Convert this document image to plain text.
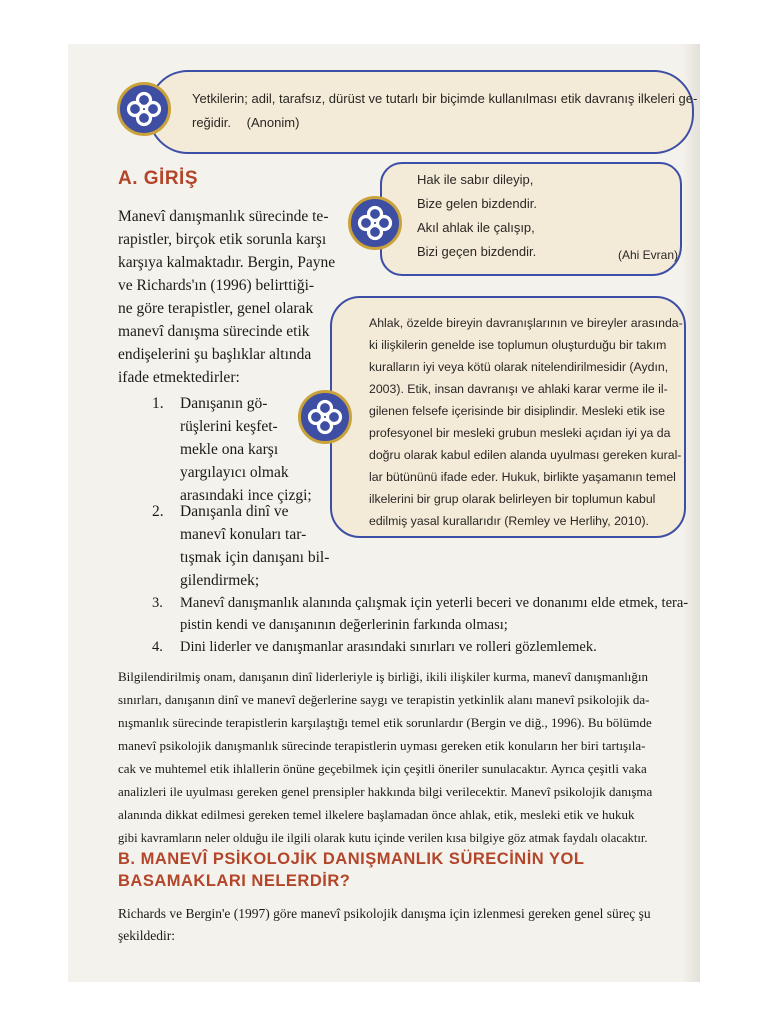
Yetkilerin; adil, tarafsız, dürüst ve tutarlı bir biçimde kullanılması etik davranış ilkeleri ge-
reğidir. (Anonim)
A. GİRİŞ	Hak ile sabır dileyip,
Bize gelen bizdendir.
Akıl ahlak ile çalışıp,
Bizi geçen bizdendir.	(Ahi Evran)
Manevî danışmanlık sürecinde te-
rapistler, birçok etik sorunla karşı
karşıya kalmaktadır. Bergin, Payne
ve Richards'ın (1996) belirttiği-
ne göre terapistler, genel olarak
manevî danışma sürecinde etik
endişelerini şu başlıklar altında
ifade etmektedirler:
Ahlak, özelde bireyin davranışlarının ve bireyler arasında-
ki ilişkilerin genelde ise toplumun oluşturduğu bir takım
kuralların iyi veya kötü olarak nitelendirilmesidir (Aydın,
2003). Etik, insan davranışı ve ahlaki karar verme ile il-
gilenen felsefe içerisinde bir disiplindir. Mesleki etik ise
profesyonel bir mesleki grubun mesleki açıdan iyi ya da
doğru olarak kabul edilen alanda uyulması gereken kural-
lar bütününü ifade eder. Hukuk, birlikte yaşamanın temel
ilkelerini bir grup olarak belirleyen bir toplumun kabul
edilmiş yasal kurallarıdır (Remley ve Herlihy, 2010).
1. Danışanın gö-
rüşlerini keşfet-
mekle ona karşı
yargılayıcı olmak
arasındaki ince çizgi;
2. Danışanla dinî ve
manevî konuları tar-
tışmak için danışanı bil-
gilendirmek;
3. Manevî danışmanlık alanında çalışmak için yeterli beceri ve donanımı elde etmek, tera-
pistin kendi ve danışanının değerlerinin farkında olması;
4. Dini liderler ve danışmanlar arasındaki sınırları ve rolleri gözlemlemek.
Bilgilendirilmiş onam, danışanın dinî liderleriyle iş birliği, ikili ilişkiler kurma, manevî danışmanlığın
sınırları, danışanın dinî ve manevî değerlerine saygı ve terapistin yetkinlik alanı manevî psikolojik da-
nışmanlık sürecinde terapistlerin karşılaştığı temel etik sorunlardır (Bergin ve diğ., 1996). Bu bölümde
manevî psikolojik danışmanlık sürecinde terapistlerin uyması gereken etik konuların her biri tartışıla-
cak ve muhtemel etik ihlallerin önüne geçebilmek için çeşitli öneriler sunulacaktır. Ayrıca çeşitli vaka
analizleri ile uyulması gereken genel prensipler hakkında bilgi verilecektir. Manevî psikolojik danışma
alanında dikkat edilmesi gereken temel ilkelere başlamadan önce ahlak, etik, mesleki etik ve hukuk
gibi kavramların neler olduğu ile ilgili olarak kutu içinde verilen kısa bilgiye göz atmak faydalı olacaktır.
B. MANEVÎ PSİKOLOJİK DANIŞMANLIK SÜRECİNİN YOL
BASAMAKLARI NELERDİR?
Richards ve Bergin'e (1997) göre manevî psikolojik danışma için izlenmesi gereken genel süreç şu
şekildedir:
